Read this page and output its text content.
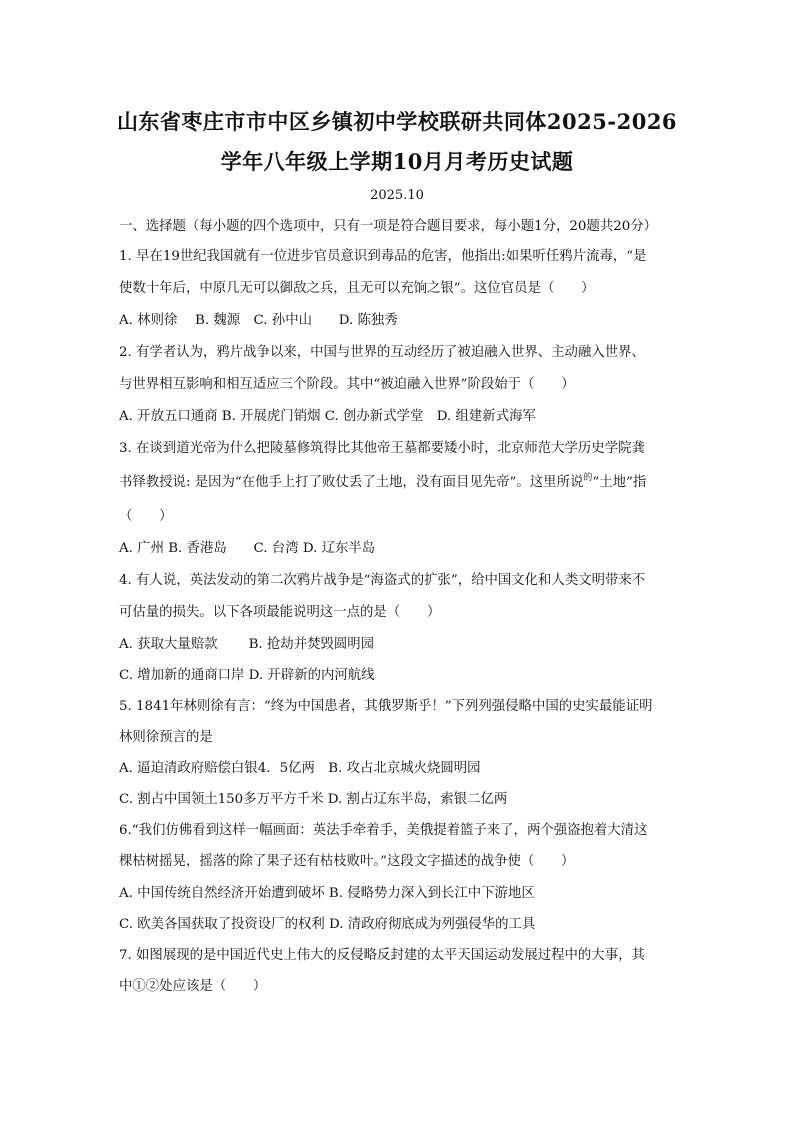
山东省枣庄市市中区乡镇初中学校联研共同体2025-2026
学年八年级上学期10月月考历史试题
2025.10
一、选择题（每小题的四个选项中，只有一项是符合题目要求，每小题1分，20题共20分）
1. 早在19世纪我国就有一位进步官员意识到毒品的危害，他指出:如果听任鸦片流毒，“是
使数十年后，中原几无可以御敌之兵，且无可以充饷之银”。这位官员是（　　）
A. 林则徐　 B. 魏源　C. 孙中山　　D. 陈独秀
2. 有学者认为，鸦片战争以来，中国与世界的互动经历了被迫融入世界、主动融入世界、
与世界相互影响和相互适应三个阶段。其中“被迫融入世界”阶段始于（　　）
A. 开放五口通商 B. 开展虎门销烟 C. 创办新式学堂　D. 组建新式海军
3. 在谈到道光帝为什么把陵墓修筑得比其他帝王墓都要矮小时，北京师范大学历史学院龚
书铎教授说: 是因为“在他手上打了败仗丢了土地，没有面目见先帝”。这里所说$^的$“土地”指
（　　）
A. 广州 B. 香港岛　　C. 台湾 D. 辽东半岛
4. 有人说，英法发动的第二次鸦片战争是“海盗式的扩张”，给中国文化和人类文明带来不
可估量的损失。以下各项最能说明这一点的是（　　）
A. 获取大量赔款　　 B. 抢劫并焚毁圆明园
C. 增加新的通商口岸 D. 开辟新的内河航线
5. 1841年林则徐有言：“终为中国患者，其俄罗斯乎！”下列列强侵略中国的史实最能证明
林则徐预言的是
A. 逼迫清政府赔偿白银4．5亿两　B. 攻占北京城火烧圆明园
C. 割占中国领土150多万平方千米 D. 割占辽东半岛，索银二亿两
6.“我们仿佛看到这样一幅画面：英法手牵着手，美俄提着篮子来了，两个强盗抱着大清这
棵枯树摇晃，摇落的除了果子还有枯枝败叶。”这段文字描述的战争使（　　）
A. 中国传统自然经济开始遭到破坏 B. 侵略势力深入到长江中下游地区
C. 欧美各国获取了投资设厂的权利 D. 清政府彻底成为列强侵华的工具
7. 如图展现的是中国近代史上伟大的反侵略反封建的太平天国运动发展过程中的大事，其
中①②处应该是（　　）
